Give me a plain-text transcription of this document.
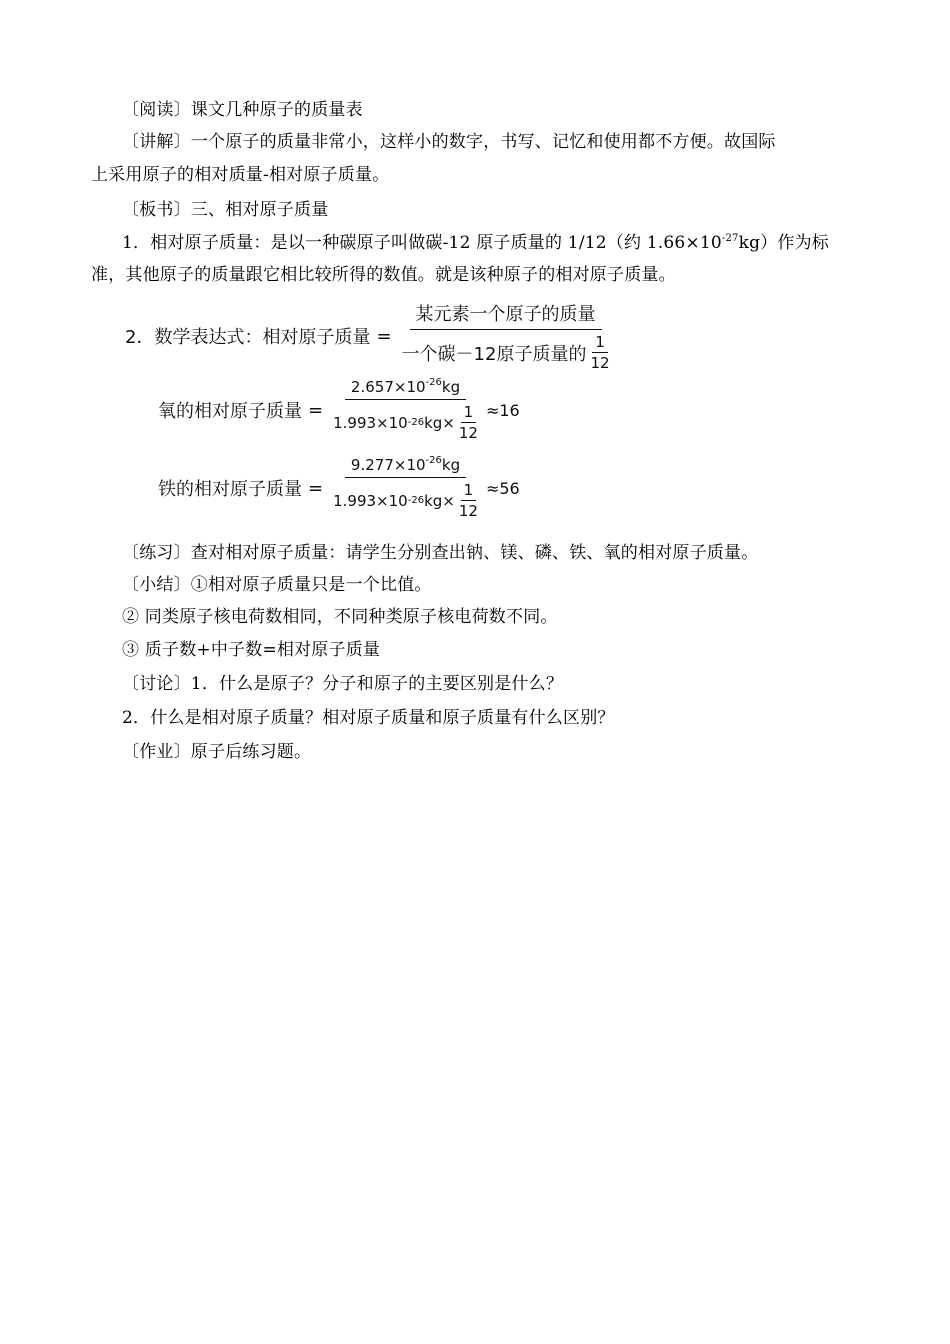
〔阅读〕课文几种原子的质量表
〔讲解〕一个原子的质量非常小，这样小的数字，书写、记忆和使用都不方便。故国际
上采用原子的相对质量-相对原子质量。
〔板书〕三、相对原子质量
1．相对原子质量：是以一种碳原子叫做碳-12 原子质量的 1/12（约 $1.66\times 10^{-27}kg$）作为标
准，其他原子的质量跟它相比较所得的数值。就是该种原子的相对原子质量。
2．数学表达式：相对原子质量 = $\frac{\text{某元素一个原子的质量}}{一个碳-12原子质量的 \frac{1}{12}}$
氧的相对原子质量 = $\frac{2.657\times 10^{-26}kg}{1.993 \times 10 -26 kg \times \frac{1}{12}} \approx 16$
铁的相对原子质量 = $\frac{9.277\times 10^{-26}kg}{1.993 \times 10 -26 kg \times \frac{1}{12}} \approx 56$
〔练习〕查对相对原子质量：请学生分别查出钠、镁、磷、铁、氧的相对原子质量。
〔小结〕①相对原子质量只是一个比值。
② 同类原子核电荷数相同，不同种类原子核电荷数不同。
③ 质子数+中子数=相对原子质量
〔讨论〕1．什么是原子？分子和原子的主要区别是什么？
2．什么是相对原子质量？相对原子质量和原子质量有什么区别？
〔作业〕原子后练习题。
